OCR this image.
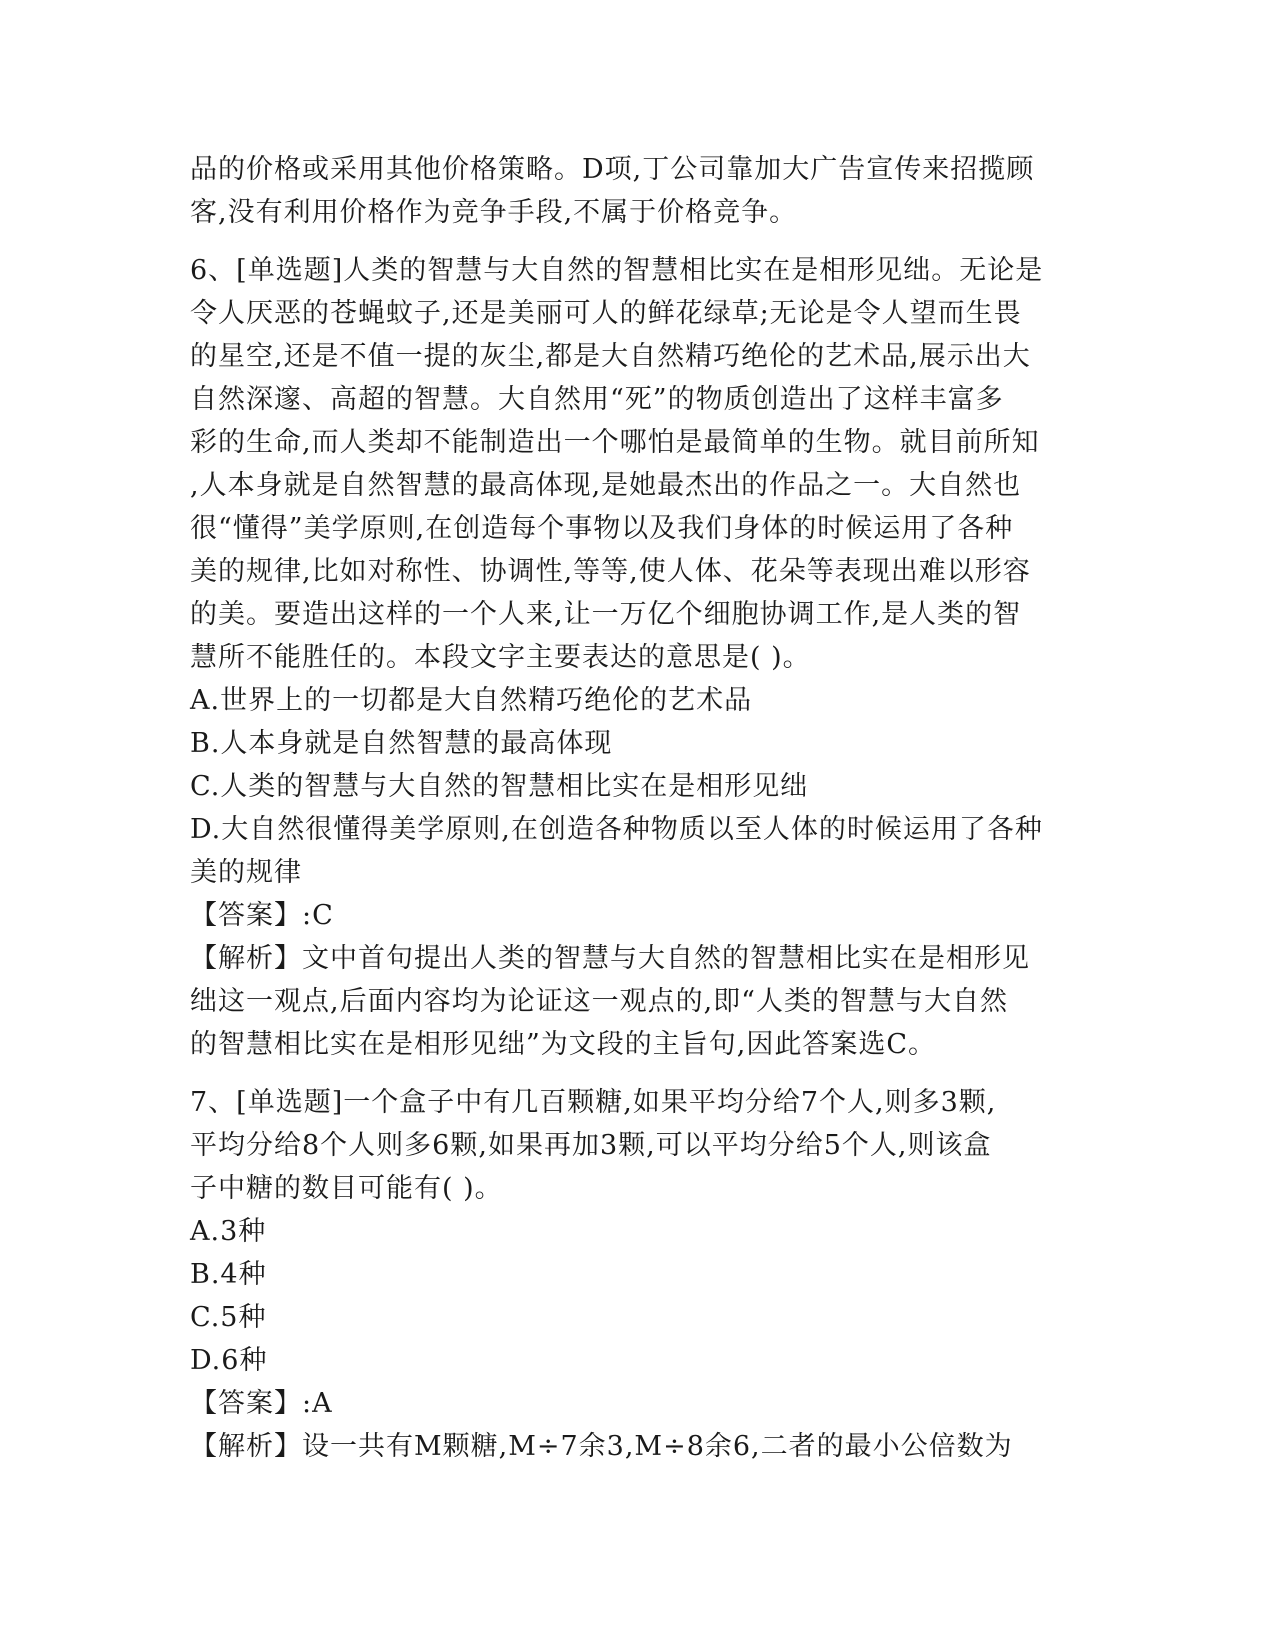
品的价格或采用其他价格策略。D项,丁公司靠加大广告宣传来招揽顾
客,没有利用价格作为竞争手段,不属于价格竞争。
6、[单选题]人类的智慧与大自然的智慧相比实在是相形见绌。无论是
令人厌恶的苍蝇蚊子,还是美丽可人的鲜花绿草;无论是令人望而生畏
的星空,还是不值一提的灰尘,都是大自然精巧绝伦的艺术品,展示出大
自然深邃、高超的智慧。大自然用“死”的物质创造出了这样丰富多
彩的生命,而人类却不能制造出一个哪怕是最简单的生物。就目前所知
,人本身就是自然智慧的最高体现,是她最杰出的作品之一。大自然也
很“懂得”美学原则,在创造每个事物以及我们身体的时候运用了各种
美的规律,比如对称性、协调性,等等,使人体、花朵等表现出难以形容
的美。要造出这样的一个人来,让一万亿个细胞协调工作,是人类的智
慧所不能胜任的。本段文字主要表达的意思是( )。
A.世界上的一切都是大自然精巧绝伦的艺术品
B.人本身就是自然智慧的最高体现
C.人类的智慧与大自然的智慧相比实在是相形见绌
D.大自然很懂得美学原则,在创造各种物质以至人体的时候运用了各种
美的规律
【答案】:C
【解析】文中首句提出人类的智慧与大自然的智慧相比实在是相形见
绌这一观点,后面内容均为论证这一观点的,即“人类的智慧与大自然
的智慧相比实在是相形见绌”为文段的主旨句,因此答案选C。
7、[单选题]一个盒子中有几百颗糖,如果平均分给7个人,则多3颗,
平均分给8个人则多6颗,如果再加3颗,可以平均分给5个人,则该盒
子中糖的数目可能有( )。
A.3种
B.4种
C.5种
D.6种
【答案】:A
【解析】设一共有M颗糖,M÷7余3,M÷8余6,二者的最小公倍数为
